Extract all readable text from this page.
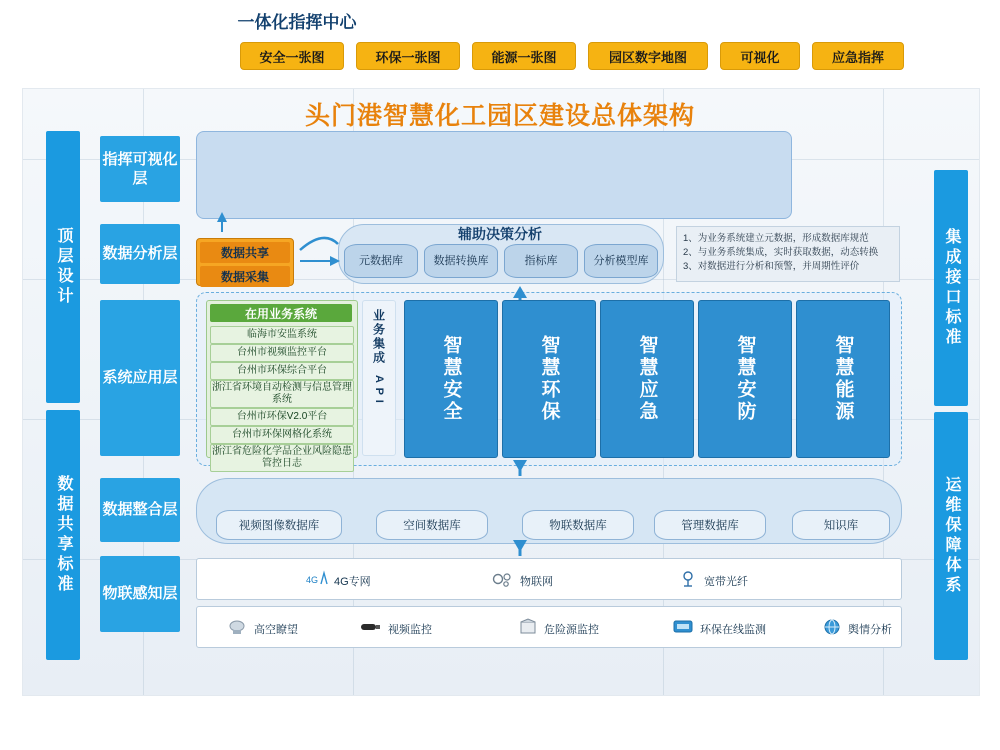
头门港智慧化工园区建设总体架构
顶层设计
数据共享标准
集成接口标准
运维保障体系
指挥可视化层
数据分析层
系统应用层
数据整合层
物联感知层
一体化指挥中心
安全一张图	环保一张图	能源一张图	园区数字地图	可视化	应急指挥
辅助决策分析
元数据库	数据转换库	指标库	分析模型库
数据共享
数据采集
1、为业务系统建立元数据，形成数据库规范
2、与业务系统集成，实时获取数据，动态转换
3、对数据进行分析和预警，并周期性评价
在用业务系统
临海市安监系统
台州市视频监控平台
台州市环保综合平台
浙江省环境自动检测与信息管理系统
台州市环保V2.0平台
台州市环保网格化系统
浙江省危险化学品企业风险隐患管控日志
业务集成
A P I	智慧安全	智慧环保	智慧应急	智慧安防	智慧能源
视频图像数据库	空间数据库	物联数据库	管理数据库	知识库
4G 4G专网	物联网	宽带光纤
高空瞭望	视频监控	危险源监控	环保在线监测	舆情分析
